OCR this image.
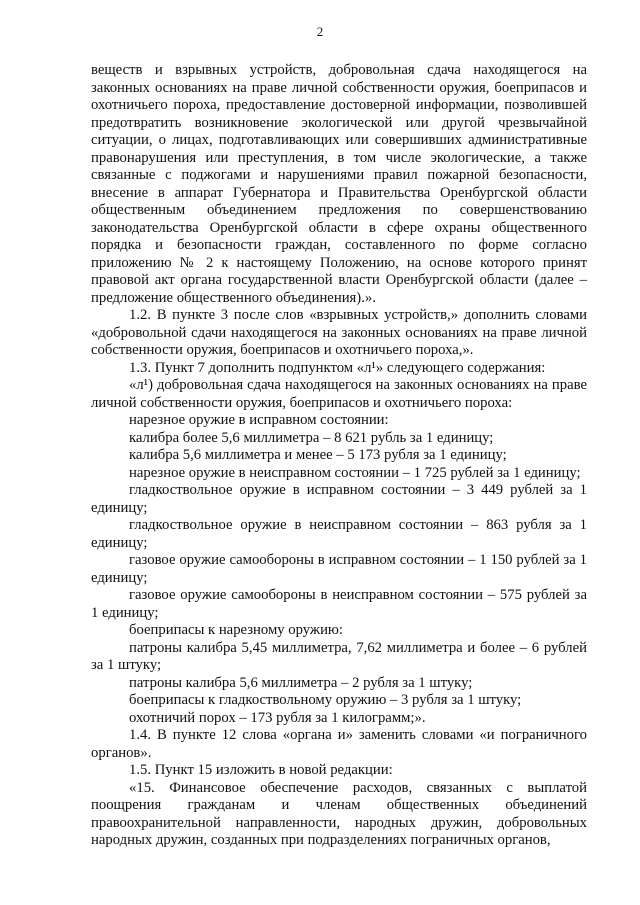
2

веществ и взрывных устройств, добровольная сдача находящегося на законных основаниях на праве личной собственности оружия, боеприпасов и охотничьего пороха, предоставление достоверной информации, позволившей предотвратить возникновение экологической или другой чрезвычайной ситуации, о лицах, подготавливающих или совершивших административные правонарушения или преступления, в том числе экологические, а также связанные с поджогами и нарушениями правил пожарной безопасности, внесение в аппарат Губернатора и Правительства Оренбургской области общественным объединением предложения по совершенствованию законодательства Оренбургской области в сфере охраны общественного порядка и безопасности граждан, составленного по форме согласно приложению № 2 к настоящему Положению, на основе которого принят правовой акт органа государственной власти Оренбургской области (далее – предложение общественного объединения).».

1.2. В пункте 3 после слов «взрывных устройств,» дополнить словами «добровольной сдачи находящегося на законных основаниях на праве личной собственности оружия, боеприпасов и охотничьего пороха,».

1.3. Пункт 7 дополнить подпунктом «л¹» следующего содержания:

«л¹) добровольная сдача находящегося на законных основаниях на праве личной собственности оружия, боеприпасов и охотничьего пороха:

нарезное оружие в исправном состоянии:

калибра более 5,6 миллиметра – 8 621 рубль за 1 единицу;

калибра 5,6 миллиметра и менее – 5 173 рубля за 1 единицу;

нарезное оружие в неисправном состоянии – 1 725 рублей за 1 единицу;

гладкоствольное оружие в исправном состоянии – 3 449 рублей за 1 единицу;

гладкоствольное оружие в неисправном состоянии – 863 рубля за 1 единицу;

газовое оружие самообороны в исправном состоянии – 1 150 рублей за 1 единицу;

газовое оружие самообороны в неисправном состоянии – 575 рублей за 1 единицу;

боеприпасы к нарезному оружию:

патроны калибра 5,45 миллиметра, 7,62 миллиметра и более – 6 рублей за 1 штуку;

патроны калибра 5,6 миллиметра – 2 рубля за 1 штуку;

боеприпасы к гладкоствольному оружию – 3 рубля за 1 штуку;

охотничий порох – 173 рубля за 1 килограмм;».

1.4. В пункте 12 слова «органа и» заменить словами «и пограничного органов».

1.5. Пункт 15 изложить в новой редакции:

«15. Финансовое обеспечение расходов, связанных с выплатой поощрения гражданам и членам общественных объединений правоохранительной направленности, народных дружин, добровольных народных дружин, созданных при подразделениях пограничных органов,
